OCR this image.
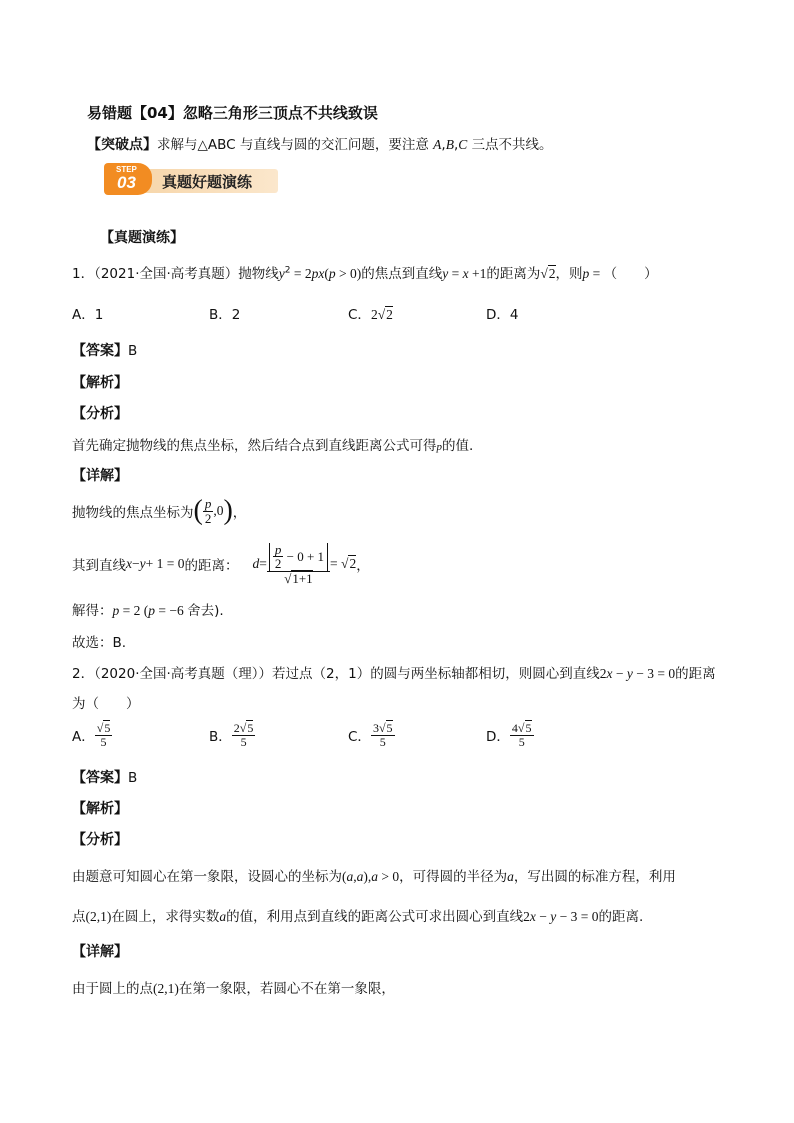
易错题【04】忽略三角形三顶点不共线致误
【突破点】求解与△ABC 与直线与圆的交汇问题，要注意 A,B,C 三点不共线。
STEP
03 真题好题演练
【真题演练】
1．（2021·全国·高考真题）抛物线$y^2 = 2px(p > 0)$的焦点到直线y = x +1的距离为√2，则p = （　　）
A．1	B．2	C．2√2	D．4
【答案】B
【解析】
【分析】
首先确定抛物线的焦点坐标，然后结合点到直线距离公式可得p的值.
【详解】
抛物线的焦点坐标为 ( $\frac{p}{2} ,0$ ) ，
其到直线 x − y + 1 = 0 的距离： $d = \frac{\frac{p}{2} - 0 + 1}{√1+1} = √2$ ，
解得：p = 2 (p = −6 舍去).
故选：B.
2．（2020·全国·高考真题（理））若过点（2，1）的圆与两坐标轴都相切，则圆心到直线2x − y − 3 = 0的距离
为（　　）
A． $\frac{√5}{5}$	B． $\frac{2√5}{5}$	C． $\frac{3√5}{5}$	D． $\frac{4√5}{5}$
【答案】B
【解析】
【分析】
由题意可知圆心在第一象限，设圆心的坐标为(a,a),a > 0，可得圆的半径为a，写出圆的标准方程，利用
点(2,1)在圆上，求得实数a的值，利用点到直线的距离公式可求出圆心到直线2x − y − 3 = 0的距离.
【详解】
由于圆上的点(2,1)在第一象限，若圆心不在第一象限，
